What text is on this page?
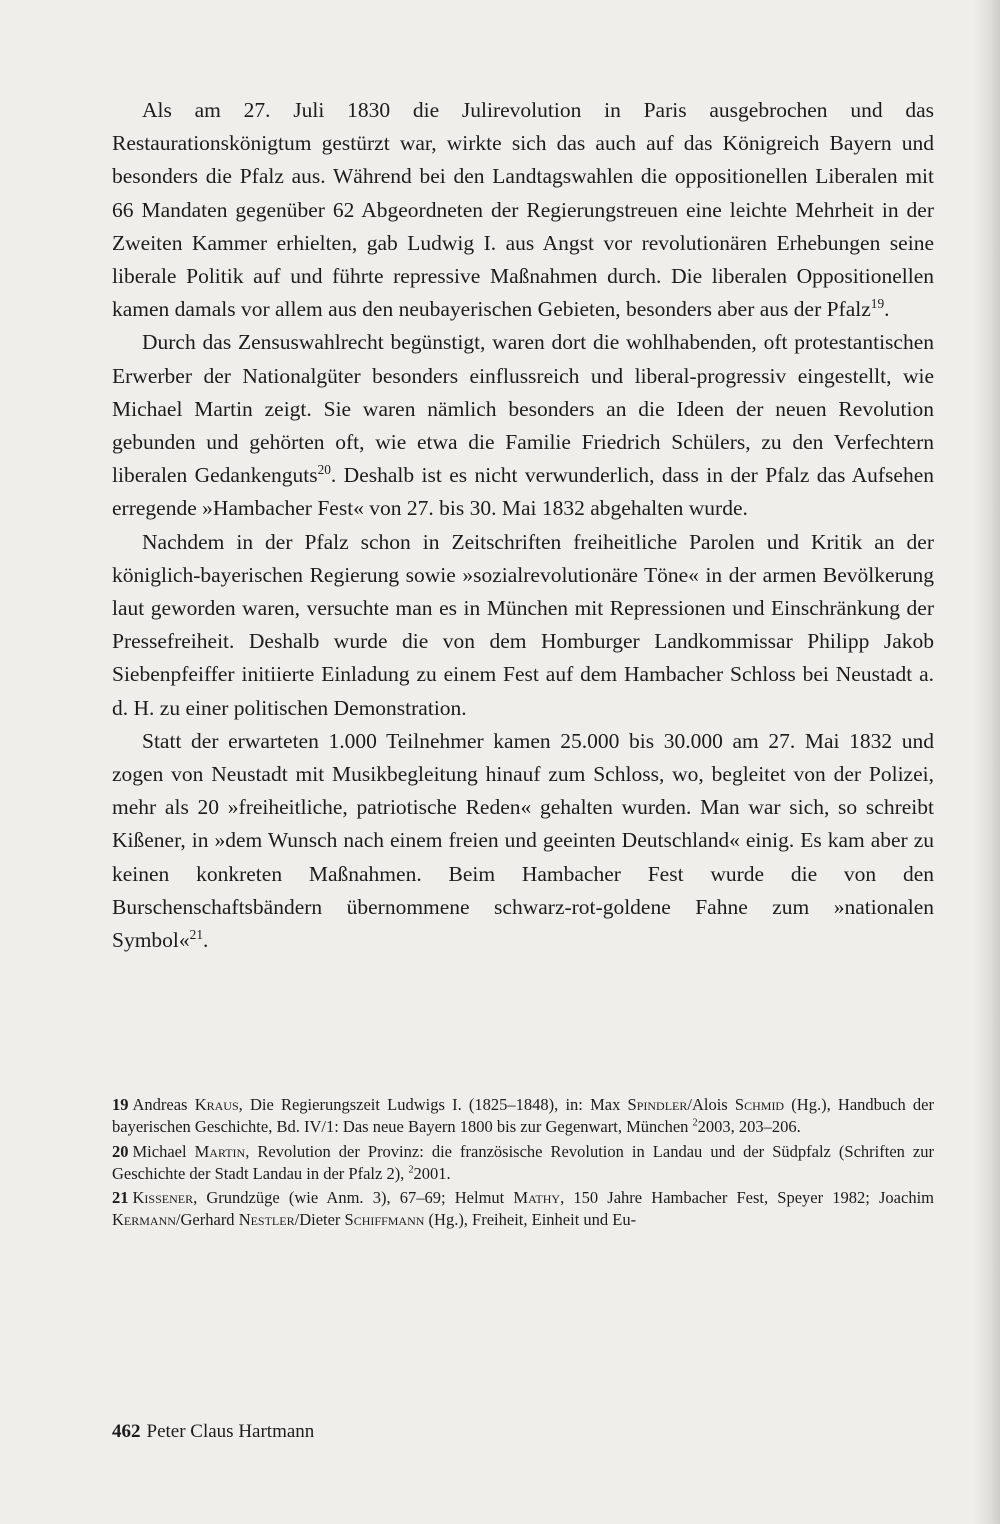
Als am 27. Juli 1830 die Julirevolution in Paris ausgebrochen und das Restaurationskönigtum gestürzt war, wirkte sich das auch auf das Königreich Bayern und besonders die Pfalz aus. Während bei den Landtagswahlen die oppositionellen Liberalen mit 66 Mandaten gegenüber 62 Abgeordneten der Regierungstreuen eine leichte Mehrheit in der Zweiten Kammer erhielten, gab Ludwig I. aus Angst vor revolutionären Erhebungen seine liberale Politik auf und führte repressive Maßnahmen durch. Die liberalen Oppositionellen kamen damals vor allem aus den neubayerischen Gebieten, besonders aber aus der Pfalz$^{19}$.

Durch das Zensuswahlrecht begünstigt, waren dort die wohlhabenden, oft protestantischen Erwerber der Nationalgüter besonders einflussreich und liberal-progressiv eingestellt, wie Michael Martin zeigt. Sie waren nämlich besonders an die Ideen der neuen Revolution gebunden und gehörten oft, wie etwa die Familie Friedrich Schülers, zu den Verfechtern liberalen Gedankenguts$^{20}$. Deshalb ist es nicht verwunderlich, dass in der Pfalz das Aufsehen erregende »Hambacher Fest« von 27. bis 30. Mai 1832 abgehalten wurde.

Nachdem in der Pfalz schon in Zeitschriften freiheitliche Parolen und Kritik an der königlich-bayerischen Regierung sowie »sozialrevolutionäre Töne« in der armen Bevölkerung laut geworden waren, versuchte man es in München mit Repressionen und Einschränkung der Pressefreiheit. Deshalb wurde die von dem Homburger Landkommissar Philipp Jakob Siebenpfeiffer initiierte Einladung zu einem Fest auf dem Hambacher Schloss bei Neustadt a. d. H. zu einer politischen Demonstration.

Statt der erwarteten 1.000 Teilnehmer kamen 25.000 bis 30.000 am 27. Mai 1832 und zogen von Neustadt mit Musikbegleitung hinauf zum Schloss, wo, begleitet von der Polizei, mehr als 20 »freiheitliche, patriotische Reden« gehalten wurden. Man war sich, so schreibt Kißener, in »dem Wunsch nach einem freien und geeinten Deutschland« einig. Es kam aber zu keinen konkreten Maßnahmen. Beim Hambacher Fest wurde die von den Burschenschaftsbändern übernommene schwarz-rot-goldene Fahne zum »nationalen Symbol«$^{21}$.

19 Andreas Kraus, Die Regierungszeit Ludwigs I. (1825–1848), in: Max Spindler/Alois Schmid (Hg.), Handbuch der bayerischen Geschichte, Bd. IV/1: Das neue Bayern 1800 bis zur Gegenwart, München $^2$2003, 203–206.

20 Michael Martin, Revolution der Provinz: die französische Revolution in Landau und der Südpfalz (Schriften zur Geschichte der Stadt Landau in der Pfalz 2), $^2$2001.

21 Kissener, Grundzüge (wie Anm. 3), 67–69; Helmut Mathy, 150 Jahre Hambacher Fest, Speyer 1982; Joachim Kermann/Gerhard Nestler/Dieter Schiffmann (Hg.), Freiheit, Einheit und Eu-

462 Peter Claus Hartmann
